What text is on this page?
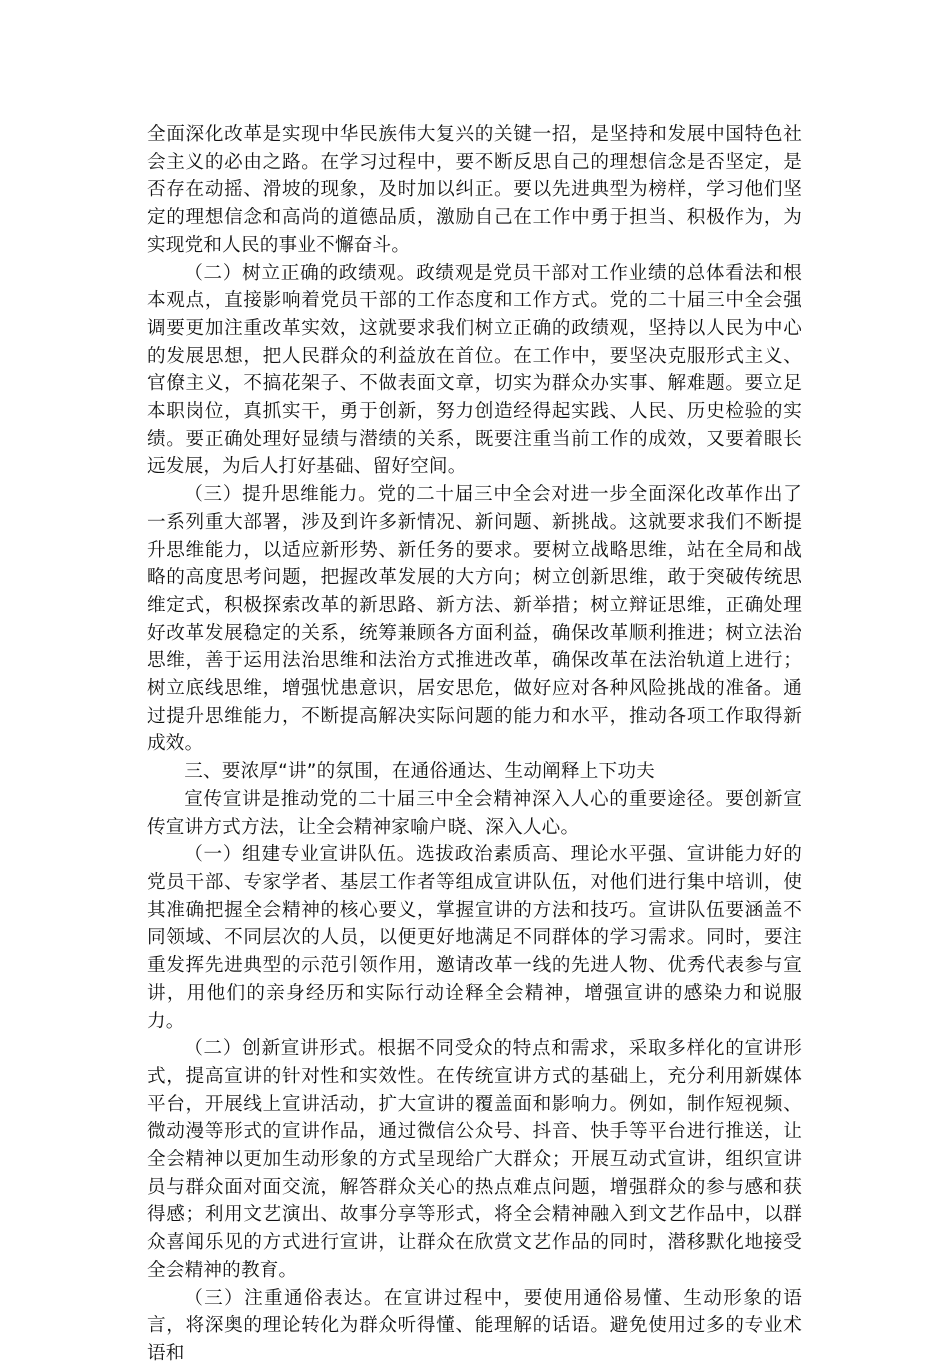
全面深化改革是实现中华民族伟大复兴的关键一招，是坚持和发展中国特色社会主义的必由之路。在学习过程中，要不断反思自己的理想信念是否坚定，是否存在动摇、滑坡的现象，及时加以纠正。要以先进典型为榜样，学习他们坚定的理想信念和高尚的道德品质，激励自己在工作中勇于担当、积极作为，为实现党和人民的事业不懈奋斗。

（二）树立正确的政绩观。政绩观是党员干部对工作业绩的总体看法和根本观点，直接影响着党员干部的工作态度和工作方式。党的二十届三中全会强调要更加注重改革实效，这就要求我们树立正确的政绩观，坚持以人民为中心的发展思想，把人民群众的利益放在首位。在工作中，要坚决克服形式主义、官僚主义，不搞花架子、不做表面文章，切实为群众办实事、解难题。要立足本职岗位，真抓实干，勇于创新，努力创造经得起实践、人民、历史检验的实绩。要正确处理好显绩与潜绩的关系，既要注重当前工作的成效，又要着眼长远发展，为后人打好基础、留好空间。

（三）提升思维能力。党的二十届三中全会对进一步全面深化改革作出了一系列重大部署，涉及到许多新情况、新问题、新挑战。这就要求我们不断提升思维能力，以适应新形势、新任务的要求。要树立战略思维，站在全局和战略的高度思考问题，把握改革发展的大方向；树立创新思维，敢于突破传统思维定式，积极探索改革的新思路、新方法、新举措；树立辩证思维，正确处理好改革发展稳定的关系，统筹兼顾各方面利益，确保改革顺利推进；树立法治思维，善于运用法治思维和法治方式推进改革，确保改革在法治轨道上进行；树立底线思维，增强忧患意识，居安思危，做好应对各种风险挑战的准备。通过提升思维能力，不断提高解决实际问题的能力和水平，推动各项工作取得新成效。

三、要浓厚“讲”的氛围，在通俗通达、生动阐释上下功夫

宣传宣讲是推动党的二十届三中全会精神深入人心的重要途径。要创新宣传宣讲方式方法，让全会精神家喻户晓、深入人心。

（一）组建专业宣讲队伍。选拔政治素质高、理论水平强、宣讲能力好的党员干部、专家学者、基层工作者等组成宣讲队伍，对他们进行集中培训，使其准确把握全会精神的核心要义，掌握宣讲的方法和技巧。宣讲队伍要涵盖不同领域、不同层次的人员，以便更好地满足不同群体的学习需求。同时，要注重发挥先进典型的示范引领作用，邀请改革一线的先进人物、优秀代表参与宣讲，用他们的亲身经历和实际行动诠释全会精神，增强宣讲的感染力和说服力。

（二）创新宣讲形式。根据不同受众的特点和需求，采取多样化的宣讲形式，提高宣讲的针对性和实效性。在传统宣讲方式的基础上，充分利用新媒体平台，开展线上宣讲活动，扩大宣讲的覆盖面和影响力。例如，制作短视频、微动漫等形式的宣讲作品，通过微信公众号、抖音、快手等平台进行推送，让全会精神以更加生动形象的方式呈现给广大群众；开展互动式宣讲，组织宣讲员与群众面对面交流，解答群众关心的热点难点问题，增强群众的参与感和获得感；利用文艺演出、故事分享等形式，将全会精神融入到文艺作品中，以群众喜闻乐见的方式进行宣讲，让群众在欣赏文艺作品的同时，潜移默化地接受全会精神的教育。

（三）注重通俗表达。在宣讲过程中，要使用通俗易懂、生动形象的语言，将深奥的理论转化为群众听得懂、能理解的话语。避免使用过多的专业术语和
